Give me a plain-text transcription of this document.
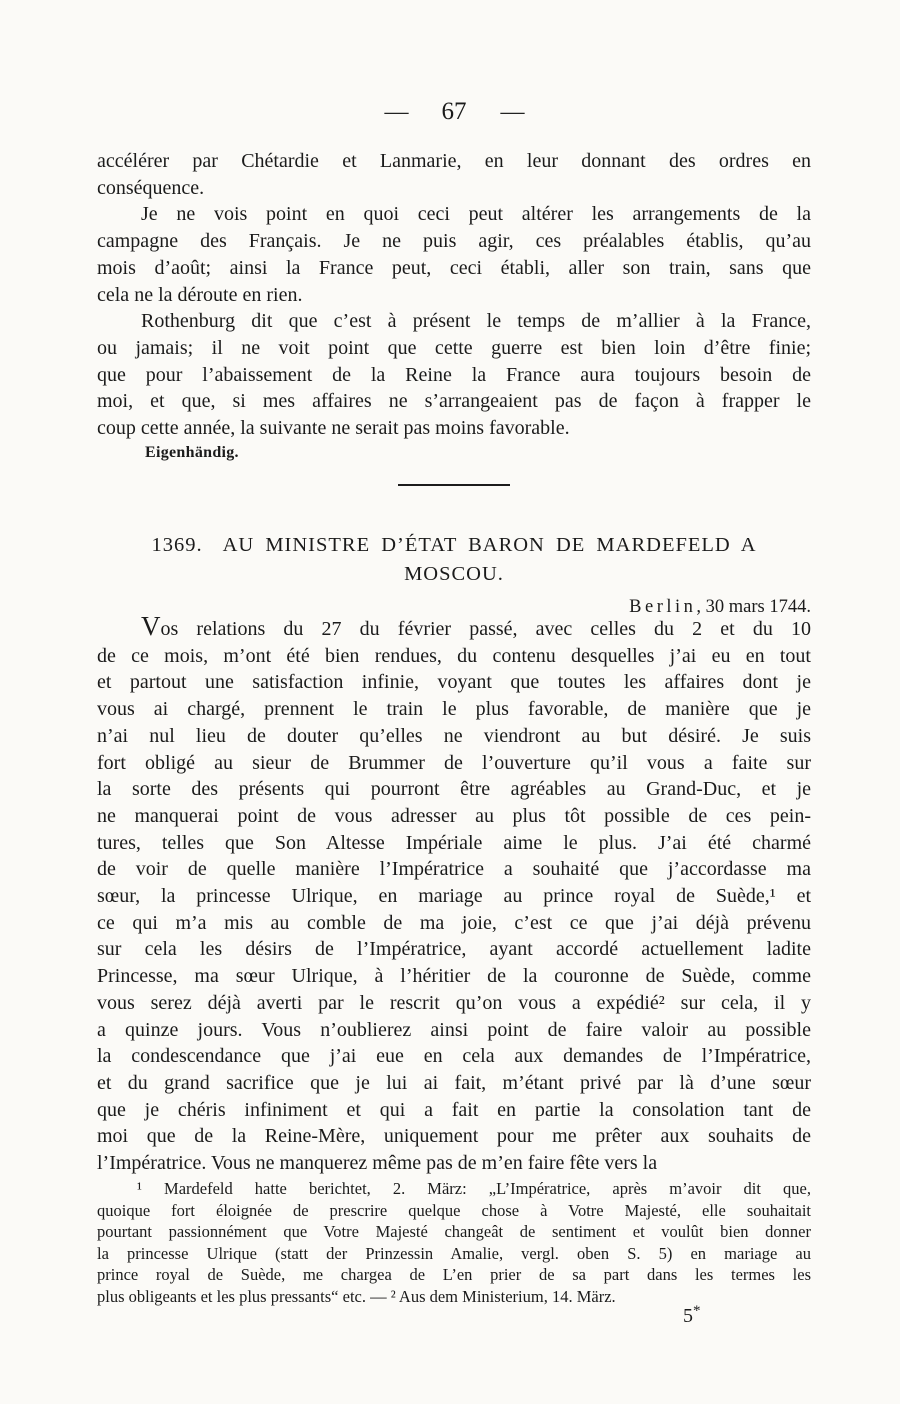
— 67 —
accélérer par Chétardie et Lanmarie, en leur donnant des ordres en
conséquence.
Je ne vois point en quoi ceci peut altérer les arrangements de la
campagne des Français. Je ne puis agir, ces préalables établis, qu’au
mois d’août; ainsi la France peut, ceci établi, aller son train, sans que
cela ne la déroute en rien.
Rothenburg dit que c’est à présent le temps de m’allier à la France,
ou jamais; il ne voit point que cette guerre est bien loin d’être finie;
que pour l’abaissement de la Reine la France aura toujours besoin de
moi, et que, si mes affaires ne s’arrangeaient pas de façon à frapper le
coup cette année, la suivante ne serait pas moins favorable.
Eigenhändig.
1369. AU MINISTRE D’ÉTAT BARON DE MARDEFELD A
MOSCOU.
Berlin, 30 mars 1744.
Vos relations du 27 du février passé, avec celles du 2 et du 10
de ce mois, m’ont été bien rendues, du contenu desquelles j’ai eu en tout
et partout une satisfaction infinie, voyant que toutes les affaires dont je
vous ai chargé, prennent le train le plus favorable, de manière que je
n’ai nul lieu de douter qu’elles ne viendront au but désiré. Je suis
fort obligé au sieur de Brummer de l’ouverture qu’il vous a faite sur
la sorte des présents qui pourront être agréables au Grand-Duc, et je
ne manquerai point de vous adresser au plus tôt possible de ces pein-
tures, telles que Son Altesse Impériale aime le plus. J’ai été charmé
de voir de quelle manière l’Impératrice a souhaité que j’accordasse ma
sœur, la princesse Ulrique, en mariage au prince royal de Suède,¹ et
ce qui m’a mis au comble de ma joie, c’est ce que j’ai déjà prévenu
sur cela les désirs de l’Impératrice, ayant accordé actuellement ladite
Princesse, ma sœur Ulrique, à l’héritier de la couronne de Suède, comme
vous serez déjà averti par le rescrit qu’on vous a expédié² sur cela, il y
a quinze jours. Vous n’oublierez ainsi point de faire valoir au possible
la condescendance que j’ai eue en cela aux demandes de l’Impératrice,
et du grand sacrifice que je lui ai fait, m’étant privé par là d’une sœur
que je chéris infiniment et qui a fait en partie la consolation tant de
moi que de la Reine-Mère, uniquement pour me prêter aux souhaits de
l’Impératrice. Vous ne manquerez même pas de m’en faire fête vers la
¹ Mardefeld hatte berichtet, 2. März: „L’Impératrice, après m’avoir dit que,
quoique fort éloignée de prescrire quelque chose à Votre Majesté, elle souhaitait
pourtant passionnément que Votre Majesté changeât de sentiment et voulût bien donner
la princesse Ulrique (statt der Prinzessin Amalie, vergl. oben S. 5) en mariage au
prince royal de Suède, me chargea de L’en prier de sa part dans les termes les
plus obligeants et les plus pressants“ etc. — ² Aus dem Ministerium, 14. März.
5*
